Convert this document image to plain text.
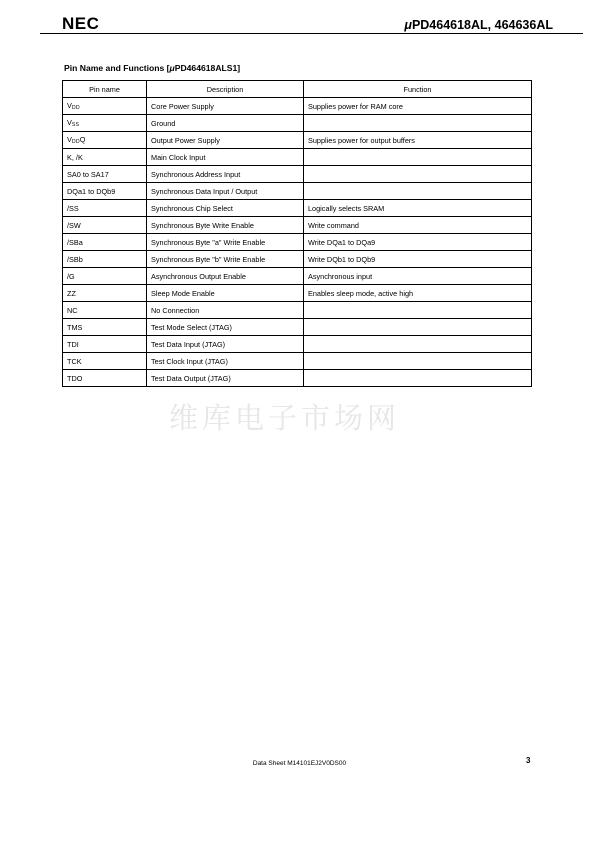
NEC	μPD464618AL, 464636AL
Pin Name and Functions [μPD464618ALS1]
Pin name	Description	Function
VDD	Core Power Supply	Supplies power for RAM core
VSS	Ground	
VDDQ	Output Power Supply	Supplies power for output buffers
K, /K	Main Clock Input	
SA0 to SA17	Synchronous Address Input	
DQa1 to DQb9	Synchronous Data Input / Output	
/SS	Synchronous Chip Select	Logically selects SRAM
/SW	Synchronous Byte Write Enable	Write command
/SBa	Synchronous Byte "a" Write Enable	Write DQa1 to DQa9
/SBb	Synchronous Byte "b" Write Enable	Write DQb1 to DQb9
/G	Asynchronous Output Enable	Asynchronous input
ZZ	Sleep Mode Enable	Enables sleep mode, active high
NC	No Connection	
TMS	Test Mode Select (JTAG)	
TDI	Test Data Input (JTAG)	
TCK	Test Clock Input (JTAG)	
TDO	Test Data Output (JTAG)	
维库电子市场网
Data Sheet M14101EJ2V0DS00	3
